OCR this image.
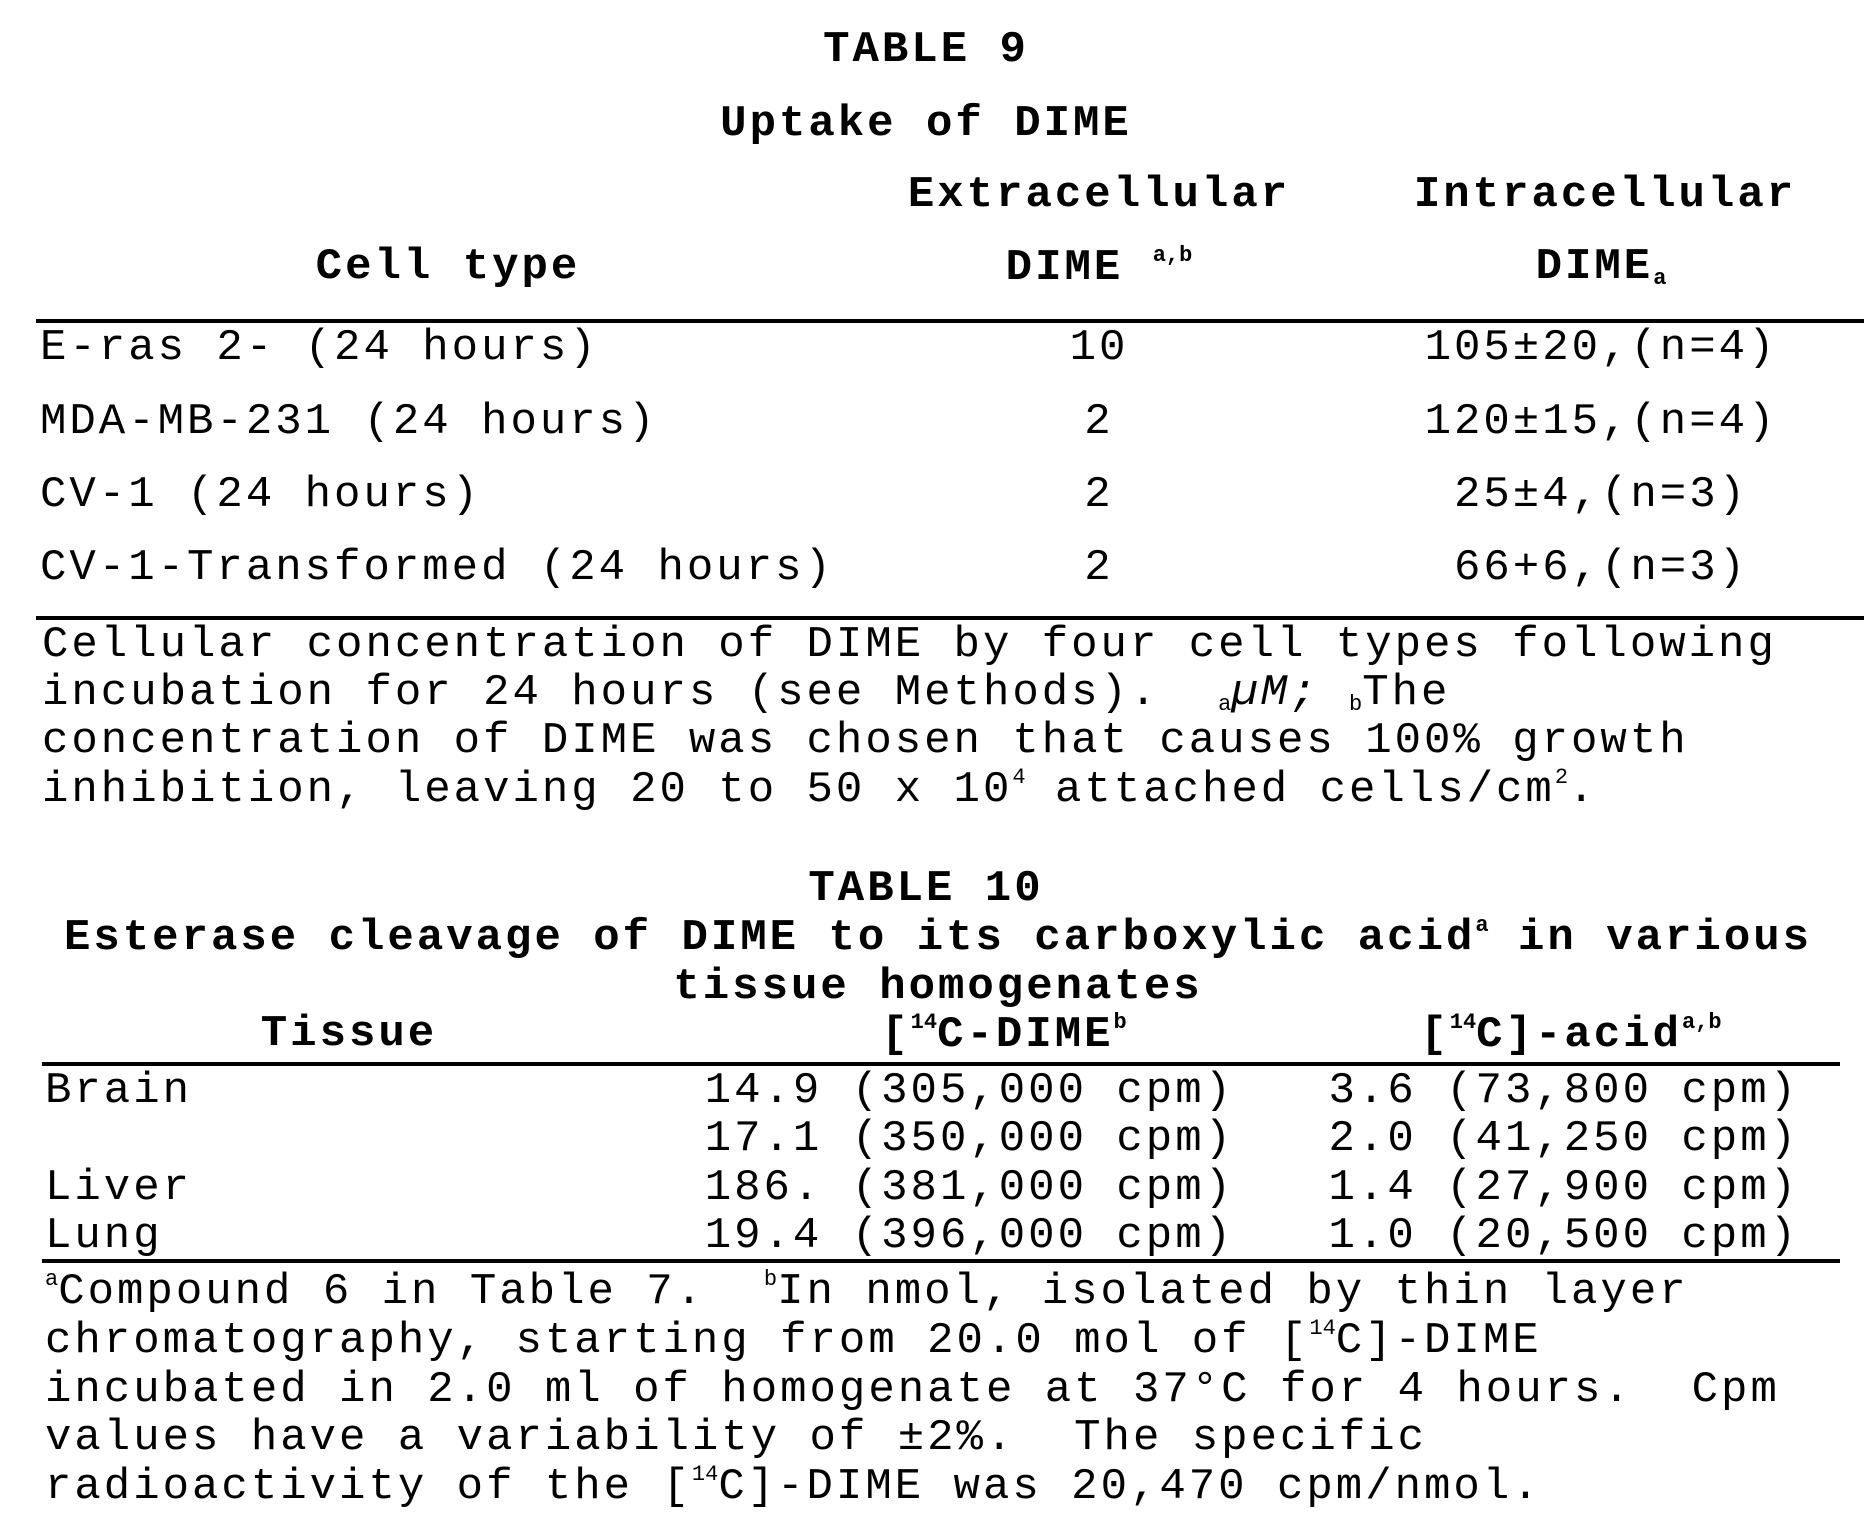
TABLE 9
Uptake of DIME
Extracellular	Intracellular
Cell type	DIME a,b	DIMEa
E-ras 2- (24 hours)	10	105±20,(n=4)
MDA-MB-231 (24 hours)	2	120±15,(n=4)
CV-1 (24 hours)	2	25±4,(n=3)
CV-1-Transformed (24 hours)	2	66+6,(n=3)
Cellular concentration of DIME by four cell types following
incubation for 24 hours (see Methods).  aµM; bThe
concentration of DIME was chosen that causes 100% growth
inhibition, leaving 20 to 50 x 104 attached cells/cm2.
TABLE 10
Esterase cleavage of DIME to its carboxylic acida in various
tissue homogenates
Tissue	[14C-DIMEb	[14C]-acida,b
Brain	14.9 (305,000 cpm) 3.6 (73,800 cpm)
17.1 (350,000 cpm) 2.0 (41,250 cpm)
Liver	186. (381,000 cpm) 1.4 (27,900 cpm)
Lung	19.4 (396,000 cpm) 1.0 (20,500 cpm)
aCompound 6 in Table 7.  bIn nmol, isolated by thin layer
chromatography, starting from 20.0 mol of [14C]-DIME
incubated in 2.0 ml of homogenate at 37°C for 4 hours.  Cpm
values have a variability of ±2%.  The specific
radioactivity of the [14C]-DIME was 20,470 cpm/nmol.
